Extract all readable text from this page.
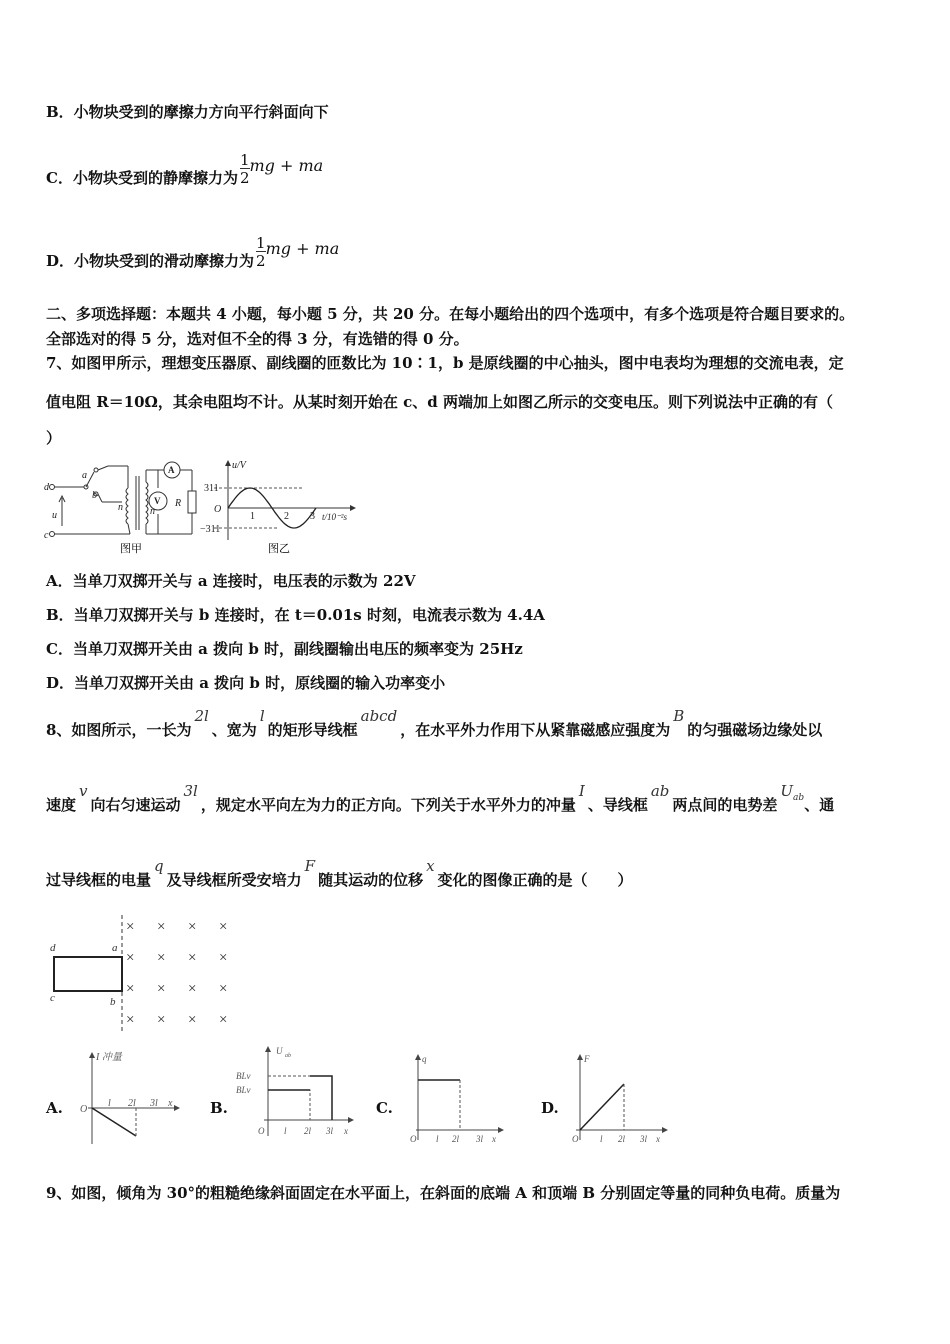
B．小物块受到的摩擦力方向平行斜面向下
C．小物块受到的静摩擦力为 $\frac{1}{2}$ mg + ma
D．小物块受到的滑动摩擦力为 $\frac{1}{2}$ mg + ma
二、多项选择题：本题共 4 小题，每小题 5 分，共 20 分。在每小题给出的四个选项中，有多个选项是符合题目要求的。
全部选对的得 5 分，选对但不全的得 3 分，有选错的得 0 分。
7、如图甲所示，理想变压器原、副线圈的匝数比为 10∶1，b 是原线圈的中心抽头，图中电表均为理想的交流电表，定
值电阻 R＝10Ω，其余电阻均不计。从某时刻开始在 c、d 两端加上如图乙所示的交变电压。则下列说法中正确的有（
）
d
c
a
b
u
n	n
R
A
V
图甲
u/V
311
O
−311
1	2 3 t/10⁻²s
图乙
A．当单刀双掷开关与 a 连接时，电压表的示数为 22V
B．当单刀双掷开关与 b 连接时，在 t＝0.01s 时刻，电流表示数为 4.4A
C．当单刀双掷开关由 a 拨向 b 时，副线圈输出电压的频率变为 25Hz
D．当单刀双掷开关由 a 拨向 b 时，原线圈的输入功率变小
8、如图所示，一长为2l、宽为l的矩形导线框abcd，在水平外力作用下从紧靠磁感应强度为B的匀强磁场边缘处以
速度v向右匀速运动3l，规定水平向左为力的正方向。下列关于水平外力的冲量I、导线框ab两点间的电势差$U_{ab}$、通
过导线框的电量q及导线框所受安培力F随其运动的位移x变化的图像正确的是（　　）
d	a
c	b
× × × ×
× × × ×
× × × ×
× × × ×
A.
I 冲量
O
l 2l 3l x	B.
U ab
BLv
BLv
O l 2l 3l x
C.
q
O l 2l 3l x
D.
F
O l 2l 3l x
9、如图，倾角为 30°的粗糙绝缘斜面固定在水平面上，在斜面的底端 A 和顶端 B 分别固定等量的同种负电荷。质量为
